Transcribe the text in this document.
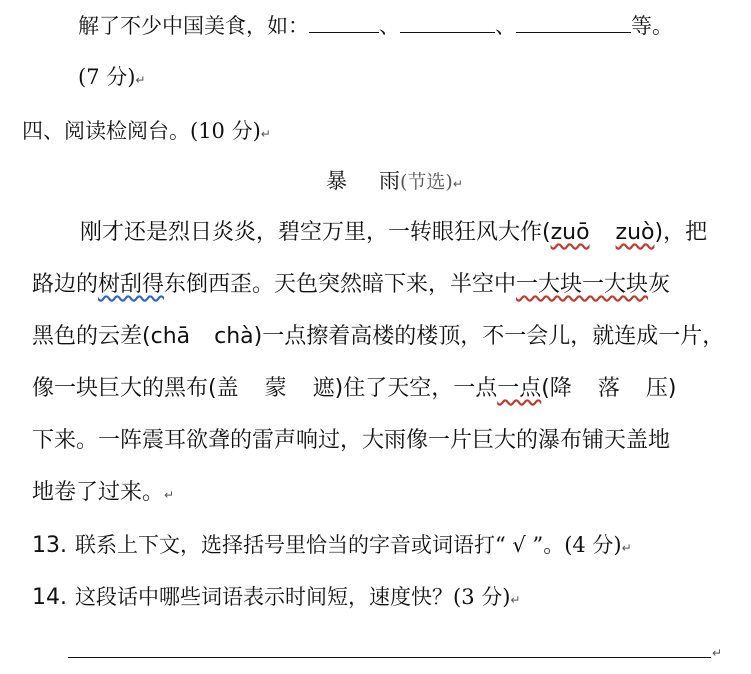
解了不少中国美食，如：	、	、	等。
(7 分)↵
四、阅读检阅台。(10 分)↵
暴 雨(节选)↵
刚才还是烈日炎炎，碧空万里，一转眼狂风大作(zuō zuò)，把
路边的树刮得东倒西歪。天色突然暗下来，半空中一大块一大块灰
黑色的云差(chā chà)一点擦着高楼的楼顶，不一会儿，就连成一片，
像一块巨大的黑布(盖 蒙 遮)住了天空，一点一点(降 落 压)
下来。一阵震耳欲聋的雷声响过，大雨像一片巨大的瀑布铺天盖地
地卷了过来。↵
13. 联系上下文，选择括号里恰当的字音或词语打“ √ ”。(4 分)↵
14. 这段话中哪些词语表示时间短，速度快？(3 分)↵
↵
